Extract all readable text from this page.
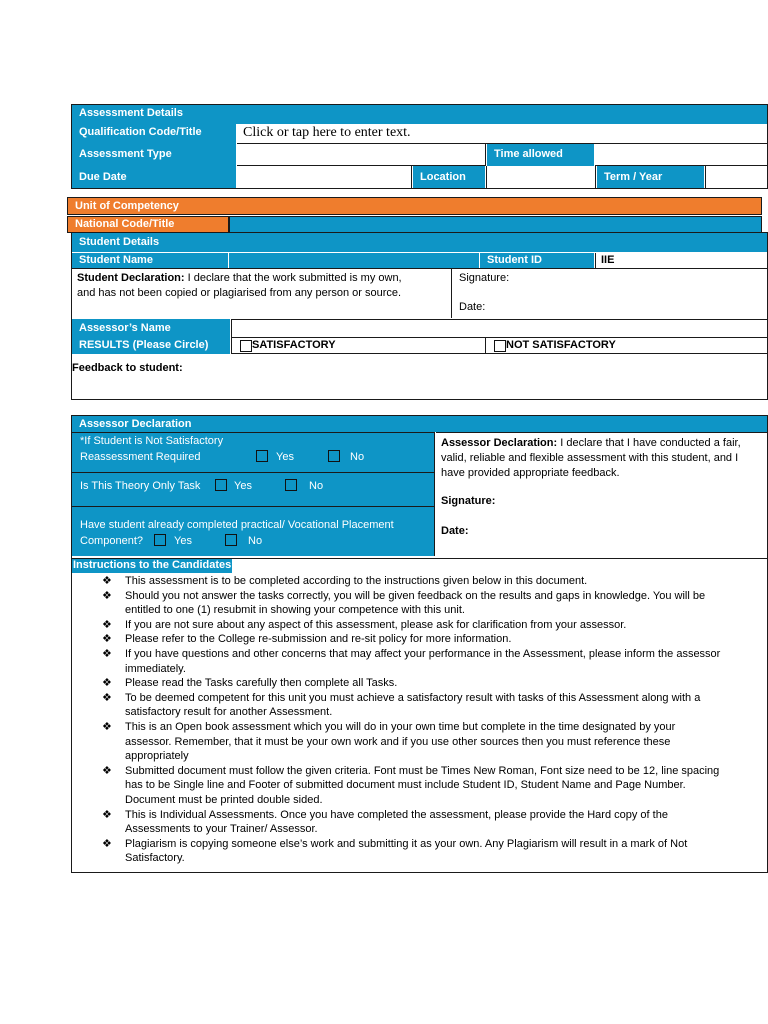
Assessment Details
Qualification Code/Title	Click or tap here to enter text.
Assessment Type	Time allowed
Due Date	Location	Term / Year
Unit of Competency
National Code/Title
Student Details
Student Name	Student ID	IIE
Student Declaration: I declare that the work submitted is my own,
and has not been copied or plagiarised from any person or source.
Signature:
Date:
Assessor’s Name
RESULTS (Please Circle)	SATISFACTORY	NOT SATISFACTORY
Feedback to student:
Assessor Declaration
*If Student is Not Satisfactory
Reassessment Required	Yes	No
Is This Theory Only Task	Yes	No
Have student already completed practical/ Vocational Placement
Component?	Yes	No
Assessor Declaration: I declare that I have conducted a fair,
valid, reliable and flexible assessment with this student, and I
have provided appropriate feedback.
Signature:
Date:
Instructions to the Candidates
❖ This assessment is to be completed according to the instructions given below in this document.
❖ Should you not answer the tasks correctly, you will be given feedback on the results and gaps in knowledge. You will be
entitled to one (1) resubmit in showing your competence with this unit.
❖ If you are not sure about any aspect of this assessment, please ask for clarification from your assessor.
❖ Please refer to the College re-submission and re-sit policy for more information.
❖ If you have questions and other concerns that may affect your performance in the Assessment, please inform the assessor
immediately.
❖ Please read the Tasks carefully then complete all Tasks.
❖ To be deemed competent for this unit you must achieve a satisfactory result with tasks of this Assessment along with a
satisfactory result for another Assessment.
❖ This is an Open book assessment which you will do in your own time but complete in the time designated by your
assessor. Remember, that it must be your own work and if you use other sources then you must reference these
appropriately
❖ Submitted document must follow the given criteria. Font must be Times New Roman, Font size need to be 12, line spacing
has to be Single line and Footer of submitted document must include Student ID, Student Name and Page Number.
Document must be printed double sided.
❖ This is Individual Assessments. Once you have completed the assessment, please provide the Hard copy of the
Assessments to your Trainer/ Assessor.
❖ Plagiarism is copying someone else’s work and submitting it as your own. Any Plagiarism will result in a mark of Not
Satisfactory.
